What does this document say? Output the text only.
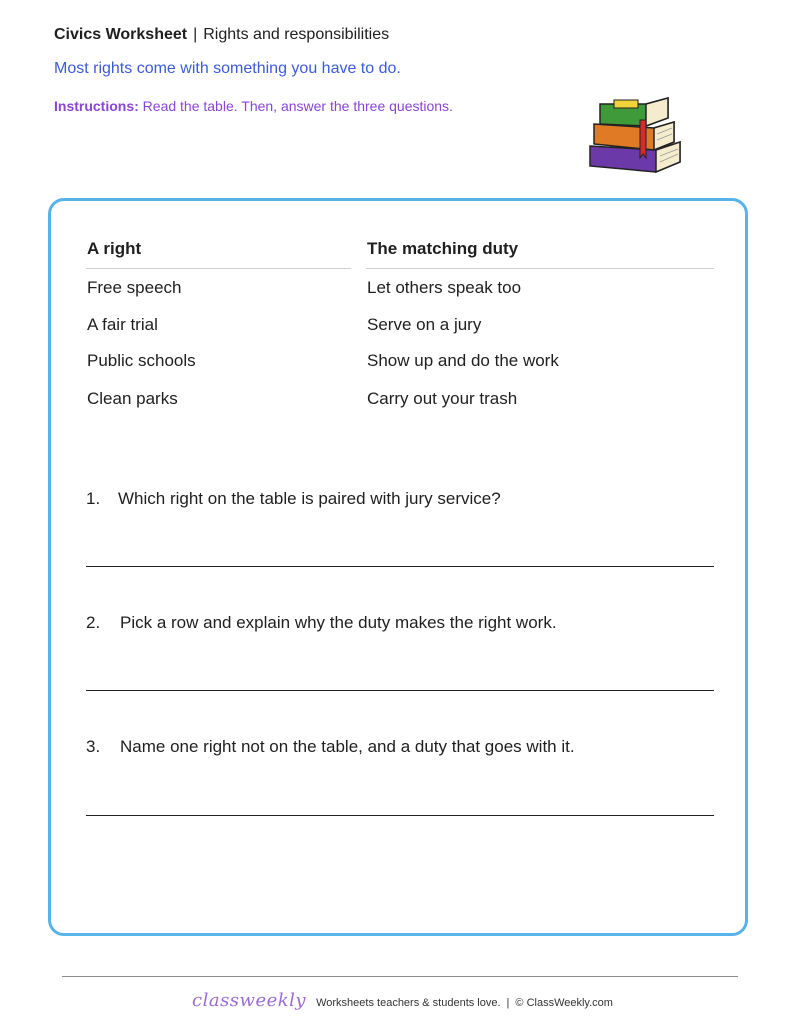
Civics Worksheet | Rights and responsibilities
Most rights come with something you have to do.
Instructions: Read the table. Then, answer the three questions.
A right	The matching duty
Free speech	Let others speak too
A fair trial	Serve on a jury
Public schools	Show up and do the work
Clean parks	Carry out your trash
1. Which right on the table is paired with jury service?
2. Pick a row and explain why the duty makes the right work.
3. Name one right not on the table, and a duty that goes with it.
classweekly Worksheets teachers & students love. | © ClassWeekly.com
